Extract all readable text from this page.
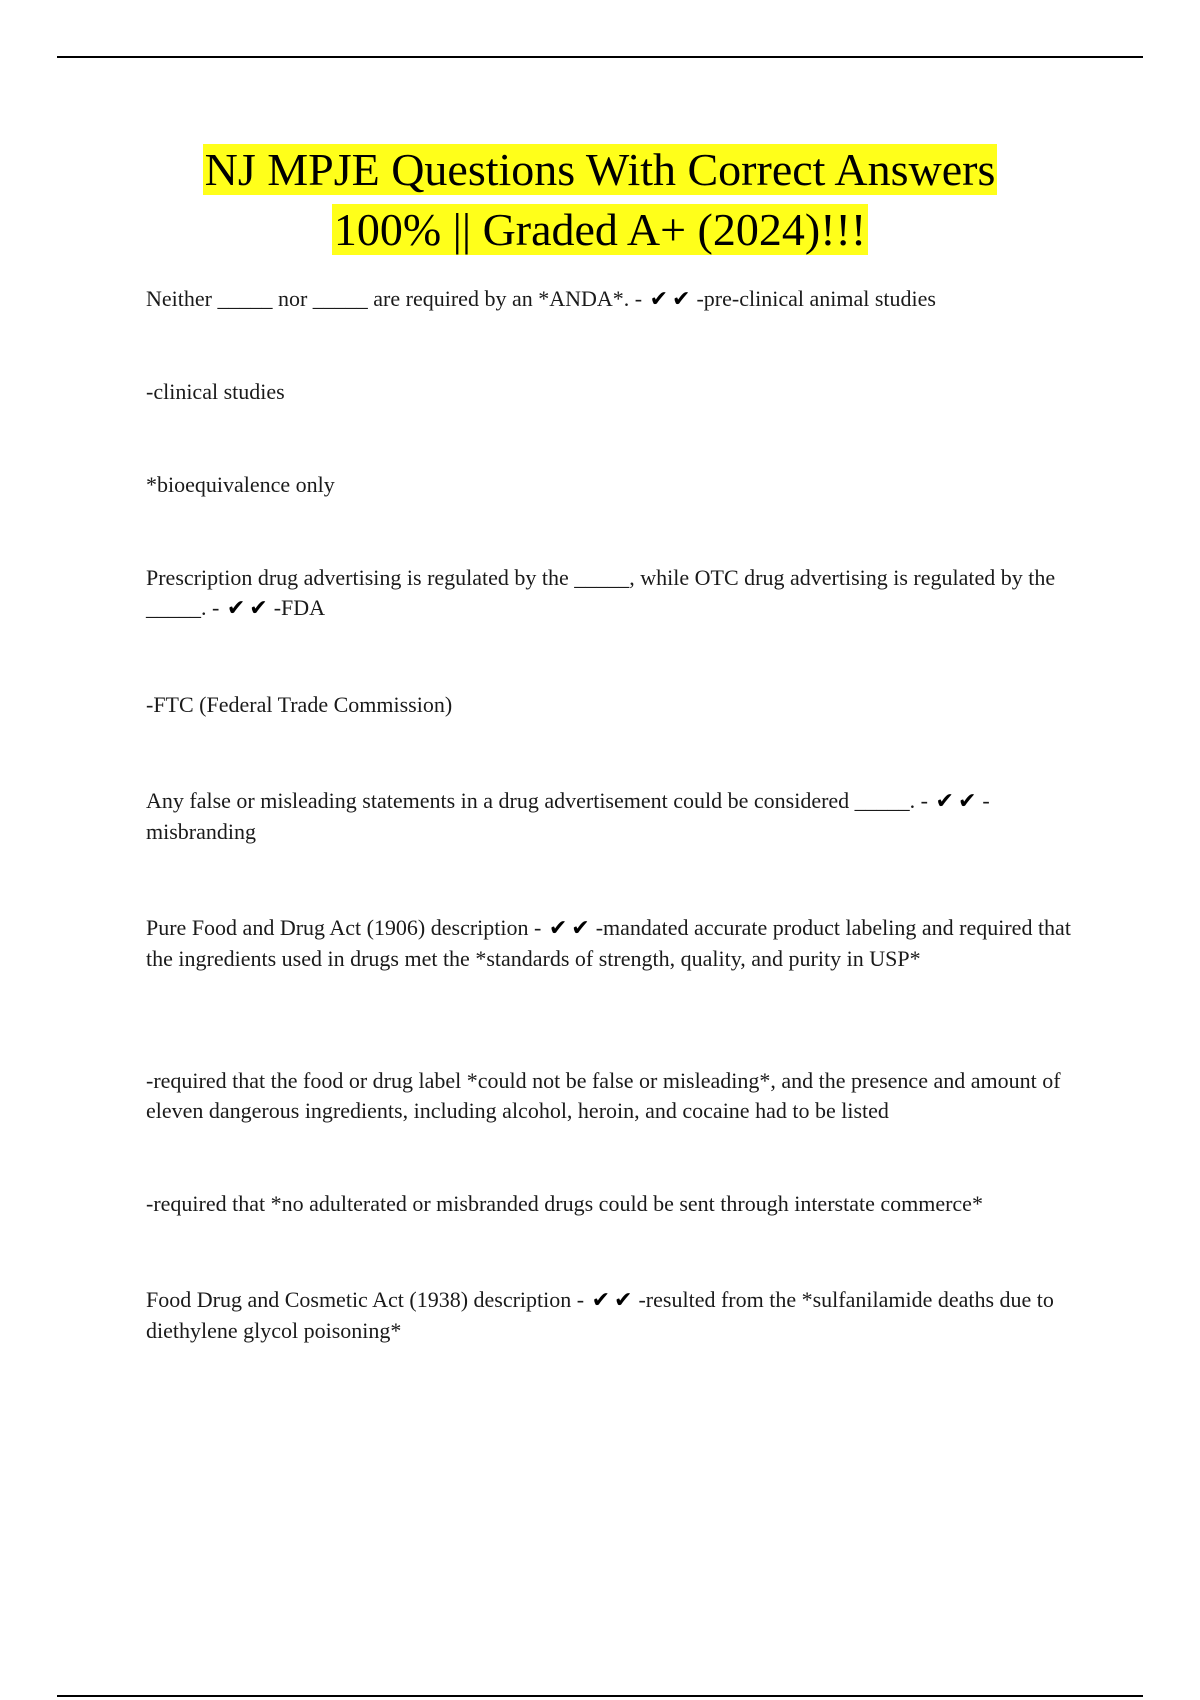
NJ MPJE Questions With Correct Answers
100% || Graded A+ (2024)!!!

Neither _____ nor _____ are required by an *ANDA*. - ✔✔-pre-clinical animal studies

-clinical studies

*bioequivalence only

Prescription drug advertising is regulated by the _____, while OTC drug advertising is regulated by the _____. - ✔✔-FDA

-FTC (Federal Trade Commission)

Any false or misleading statements in a drug advertisement could be considered _____. - ✔✔- misbranding

Pure Food and Drug Act (1906) description - ✔✔-mandated accurate product labeling and required that the ingredients used in drugs met the *standards of strength, quality, and purity in USP*

-required that the food or drug label *could not be false or misleading*, and the presence and amount of eleven dangerous ingredients, including alcohol, heroin, and cocaine had to be listed

-required that *no adulterated or misbranded drugs could be sent through interstate commerce*

Food Drug and Cosmetic Act (1938) description - ✔✔-resulted from the *sulfanilamide deaths due to diethylene glycol poisoning*
